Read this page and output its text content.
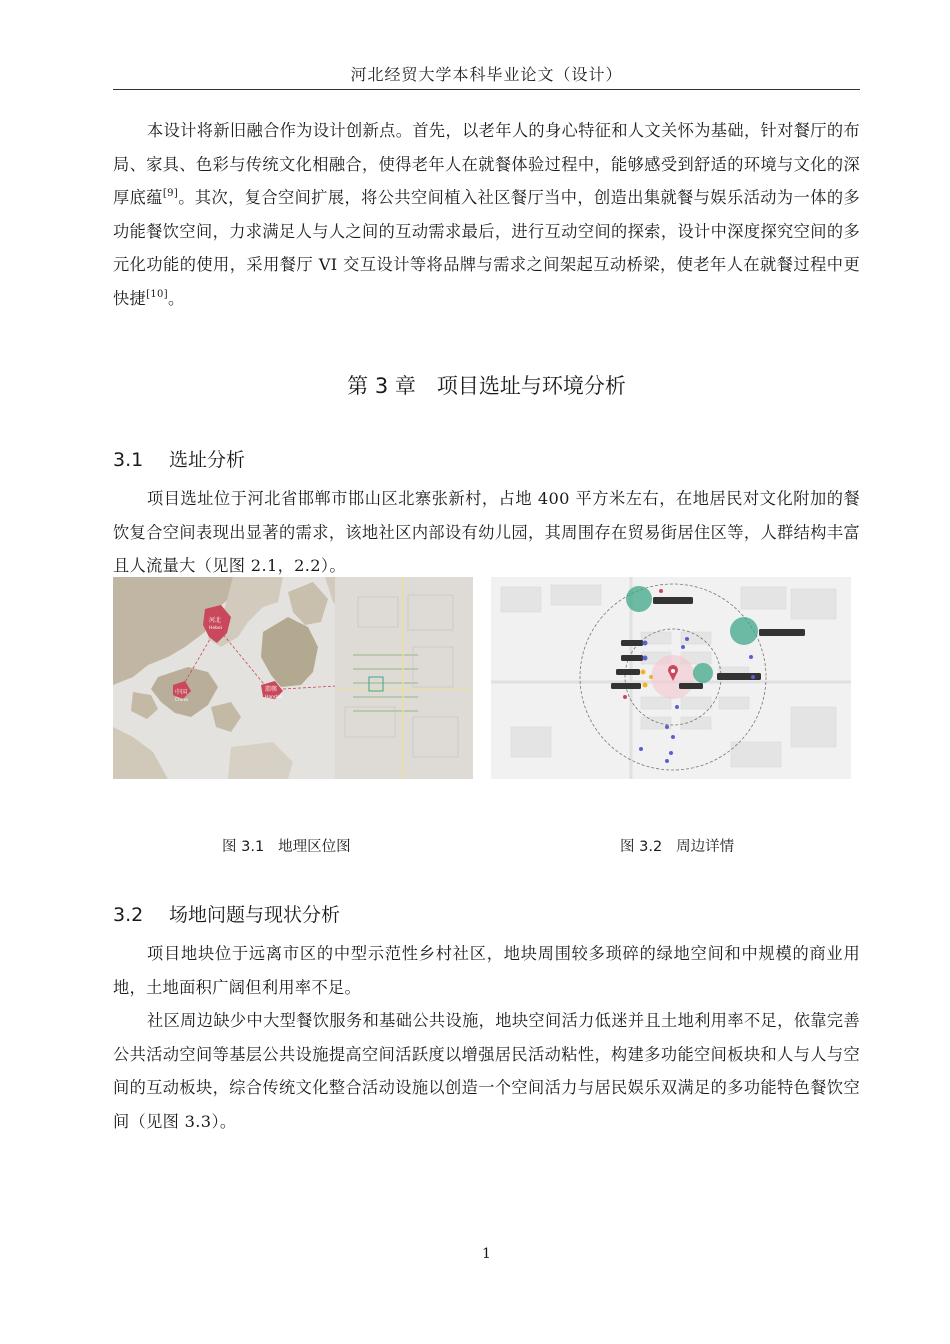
河北经贸大学本科毕业论文（设计）

本设计将新旧融合作为设计创新点。首先，以老年人的身心特征和人文关怀为基础，针对餐厅的布局、家具、色彩与传统文化相融合，使得老年人在就餐体验过程中，能够感受到舒适的环境与文化的深厚底蕴[9]。其次，复合空间扩展，将公共空间植入社区餐厅当中，创造出集就餐与娱乐活动为一体的多功能餐饮空间，力求满足人与人之间的互动需求最后，进行互动空间的探索，设计中深度探究空间的多元化功能的使用，采用餐厅 VI 交互设计等将品牌与需求之间架起互动桥梁，使老年人在就餐过程中更快捷[10]。

第 3 章　项目选址与环境分析
3.1 选址分析

项目选址位于河北省邯郸市邯山区北寨张新村，占地 400 平方米左右，在地居民对文化附加的餐饮复合空间表现出显著的需求，该地社区内部设有幼儿园，其周围存在贸易街居住区等，人群结构丰富且人流量大（见图 2.1，2.2）。

河北
Hebei
中国
China
邯郸
Handan
图 3.1 地理区位图	图 3.2 周边详情
3.2 场地问题与现状分析

项目地块位于远离市区的中型示范性乡村社区，地块周围较多琐碎的绿地空间和中规模的商业用地，土地面积广阔但利用率不足。

社区周边缺少中大型餐饮服务和基础公共设施，地块空间活力低迷并且土地利用率不足，依靠完善公共活动空间等基层公共设施提高空间活跃度以增强居民活动粘性，构建多功能空间板块和人与人与空间的互动板块，综合传统文化整合活动设施以创造一个空间活力与居民娱乐双满足的多功能特色餐饮空间（见图 3.3）。

1
